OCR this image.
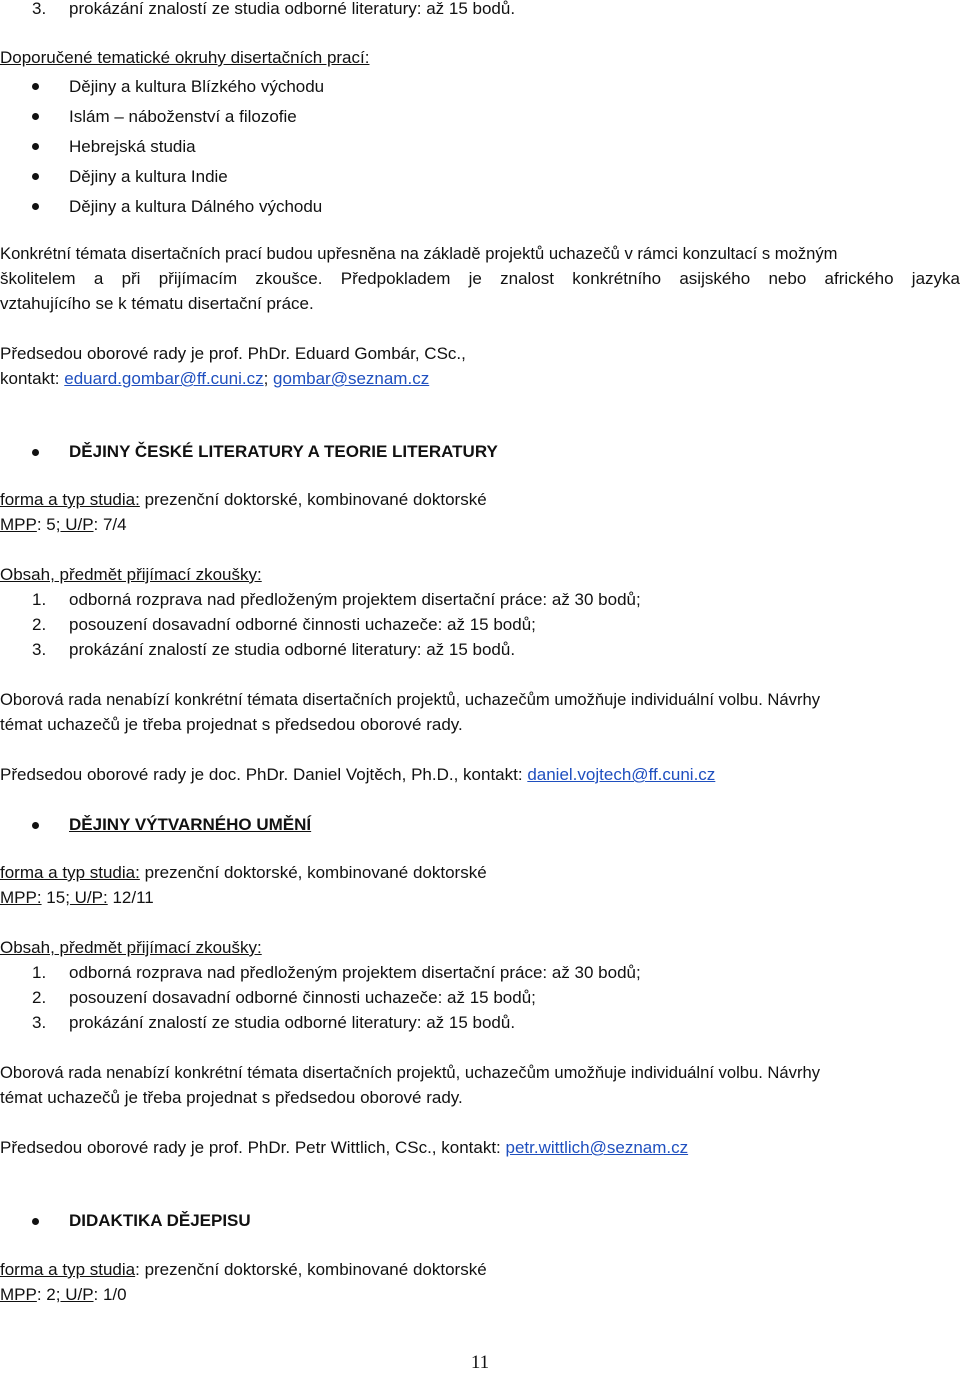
3. prokázání znalostí ze studia odborné literatury: až 15 bodů.
Doporučené tematické okruhy disertačních prací:
Dějiny a kultura Blízkého východu
Islám – náboženství a filozofie
Hebrejská studia
Dějiny a kultura Indie
Dějiny a kultura Dálného východu
Konkrétní témata disertačních prací budou upřesněna na základě projektů uchazečů v rámci konzultací s možným
školitelem a při přijímacím zkoušce. Předpokladem je znalost konkrétního asijského nebo afrického jazyka
vztahujícího se k tématu disertační práce.
Předsedou oborové rady je prof. PhDr. Eduard Gombár, CSc.,
kontakt: eduard.gombar@ff.cuni.cz; gombar@seznam.cz
DĚJINY ČESKÉ LITERATURY A TEORIE LITERATURY
forma a typ studia: prezenční doktorské, kombinované doktorské
MPP: 5; U/P: 7/4
Obsah, předmět přijímací zkoušky:
1. odborná rozprava nad předloženým projektem disertační práce: až 30 bodů;
2. posouzení dosavadní odborné činnosti uchazeče: až 15 bodů;
3. prokázání znalostí ze studia odborné literatury: až 15 bodů.
Oborová rada nenabízí konkrétní témata disertačních projektů, uchazečům umožňuje individuální volbu. Návrhy
témat uchazečů je třeba projednat s předsedou oborové rady.
Předsedou oborové rady je doc. PhDr. Daniel Vojtěch, Ph.D., kontakt: daniel.vojtech@ff.cuni.cz
DĚJINY VÝTVARNÉHO UMĚNÍ
forma a typ studia: prezenční doktorské, kombinované doktorské
MPP: 15; U/P: 12/11
Obsah, předmět přijímací zkoušky:
1. odborná rozprava nad předloženým projektem disertační práce: až 30 bodů;
2. posouzení dosavadní odborné činnosti uchazeče: až 15 bodů;
3. prokázání znalostí ze studia odborné literatury: až 15 bodů.
Oborová rada nenabízí konkrétní témata disertačních projektů, uchazečům umožňuje individuální volbu. Návrhy
témat uchazečů je třeba projednat s předsedou oborové rady.
Předsedou oborové rady je prof. PhDr. Petr Wittlich, CSc., kontakt: petr.wittlich@seznam.cz
DIDAKTIKA DĚJEPISU
forma a typ studia: prezenční doktorské, kombinované doktorské
MPP: 2; U/P: 1/0
11
